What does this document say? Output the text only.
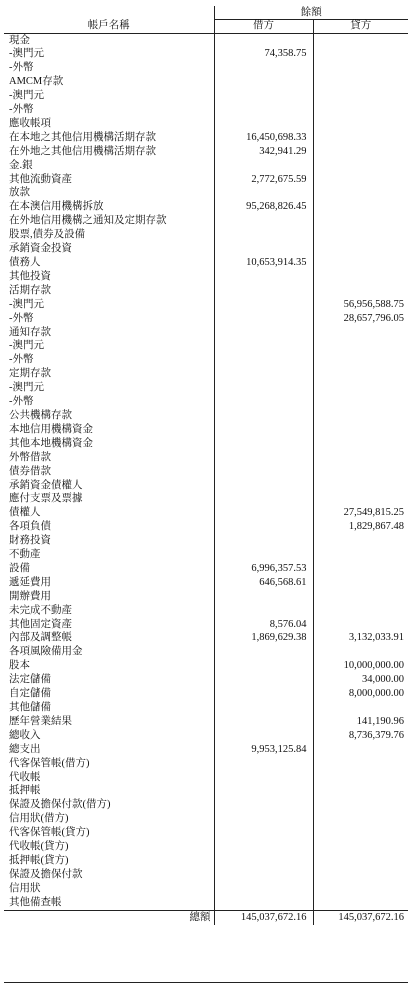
	餘額	
帳戶名稱	借方	貸方
現金		
-澳門元	74,358.75	
-外幣		
AMCM存款		
-澳門元		
-外幣		
應收帳項		
在本地之其他信用機構活期存款	16,450,698.33	
在外地之其他信用機構活期存款	342,941.29	
金.銀		
其他流動資產	2,772,675.59	
放款		
在本澳信用機構拆放	95,268,826.45	
在外地信用機構之通知及定期存款		
股票,債券及設備		
承銷資金投資		
債務人	10,653,914.35	
其他投資		
活期存款		
-澳門元		56,956,588.75
-外幣		28,657,796.05
通知存款		
-澳門元		
-外幣		
定期存款		
-澳門元		
-外幣		
公共機構存款		
本地信用機構資金		
其他本地機構資金		
外幣借款		
債券借款		
承銷資金債權人		
應付支票及票據		
債權人		27,549,815.25
各項負債		1,829,867.48
財務投資		
不動產		
設備	6,996,357.53	
遞延費用	646,568.61	
開辦費用		
未完成不動產		
其他固定資產	8,576.04	
內部及調整帳	1,869,629.38	3,132,033.91
各項風險備用金		
股本		10,000,000.00
法定儲備		34,000.00
自定儲備		8,000,000.00
其他儲備		
歷年營業結果		141,190.96
總收入		8,736,379.76
總支出	9,953,125.84	
代客保管帳(借方)		
代收帳		
抵押帳		
保證及擔保付款(借方)		
信用狀(借方)		
代客保管帳(貸方)		
代收帳(貸方)		
抵押帳(貸方)		
保證及擔保付款		
信用狀		
其他備查帳		
總額	145,037,672.16	145,037,672.16
